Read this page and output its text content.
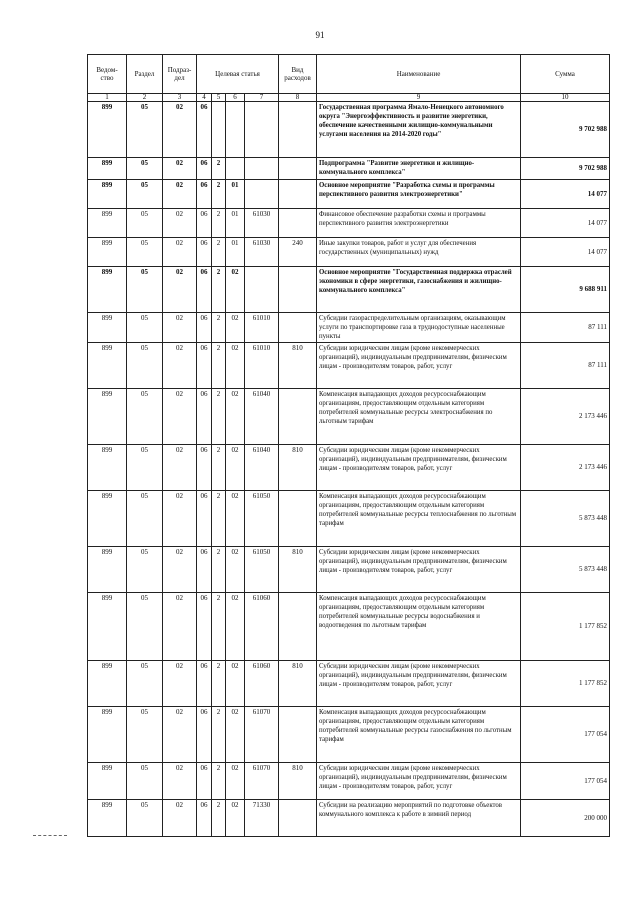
91
Ведом-ство	Раздел	Подраз-дел	Целевая статья				Вид расходов	Наименование	Сумма
1	2	3	4	5	6	7	8	9	10
899	05	02	06					Государственная программа Ямало-Ненецкого автономного округа "Энергоэффективность и развитие энергетики, обеспечение качественными жилищно-коммунальными услугами населения на 2014-2020 годы"	9 702 988
899	05	02	06	2				Подпрограмма "Развитие энергетики и жилищно-коммунального комплекса"	9 702 988
899	05	02	06	2	01			Основное мероприятие "Разработка схемы и программы перспективного развития электроэнергетики"	14 077
899	05	02	06	2	01	61030		Финансовое обеспечение разработки схемы и программы перспективного развития электроэнергетики	14 077
899	05	02	06	2	01	61030	240	Иные закупки товаров, работ и услуг для обеспечения государственных (муниципальных) нужд	14 077
899	05	02	06	2	02			Основное мероприятие "Государственная поддержка отраслей экономики в сфере энергетики, газоснабжения и жилищно-коммунального комплекса"	9 688 911
899	05	02	06	2	02	61010		Субсидии газораспределительным организациям, оказывающим услуги по транспортировке газа в труднодоступные населенные пункты	87 111
899	05	02	06	2	02	61010	810	Субсидии юридическим лицам (кроме некоммерческих организаций), индивидуальным предпринимателям, физическим лицам - производителям товаров, работ, услуг	87 111
899	05	02	06	2	02	61040		Компенсация выпадающих доходов ресурсоснабжающим организациям, предоставляющим отдельным категориям потребителей коммунальные ресурсы электроснабжения по льготным тарифам	2 173 446
899	05	02	06	2	02	61040	810	Субсидии юридическим лицам (кроме некоммерческих организаций), индивидуальным предпринимателям, физическим лицам - производителям товаров, работ, услуг	2 173 446
899	05	02	06	2	02	61050		Компенсация выпадающих доходов ресурсоснабжающим организациям, предоставляющим отдельным категориям потребителей коммунальные ресурсы теплоснабжения по льготным тарифам	5 873 448
899	05	02	06	2	02	61050	810	Субсидии юридическим лицам (кроме некоммерческих организаций), индивидуальным предпринимателям, физическим лицам - производителям товаров, работ, услуг	5 873 448
899	05	02	06	2	02	61060		Компенсация выпадающих доходов ресурсоснабжающим организациям, предоставляющим отдельным категориям потребителей коммунальные ресурсы водоснабжения и водоотведения по льготным тарифам	1 177 852
899	05	02	06	2	02	61060	810	Субсидии юридическим лицам (кроме некоммерческих организаций), индивидуальным предпринимателям, физическим лицам - производителям товаров, работ, услуг	1 177 852
899	05	02	06	2	02	61070		Компенсация выпадающих доходов ресурсоснабжающим организациям, предоставляющим отдельным категориям потребителей коммунальные ресурсы газоснабжения по льготным тарифам	177 054
899	05	02	06	2	02	61070	810	Субсидии юридическим лицам (кроме некоммерческих организаций), индивидуальным предпринимателям, физическим лицам - производителям товаров, работ, услуг	177 054
899	05	02	06	2	02	71330		Субсидии на реализацию мероприятий по подготовке объектов коммунального комплекса к работе в зимний период	200 000
